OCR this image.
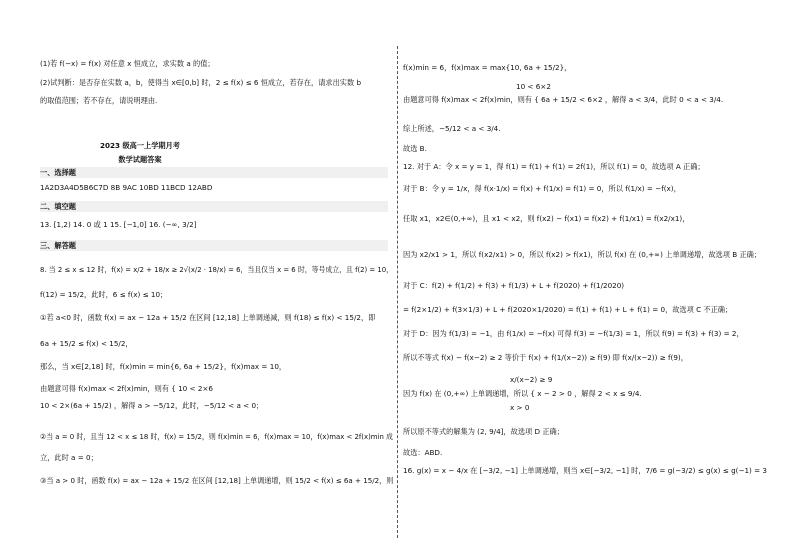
(1)若 f(−x) = f(x) 对任意 x 恒成立，求实数 a 的值；
(2)试判断：是否存在实数 a，b，使得当 x∈[0,b] 时，2 ≤ f(x) ≤ 6 恒成立，若存在，请求出实数 b
的取值范围；若不存在，请说明理由.
2023 级高一上学期月考
数学试题答案
一、选择题
1A2D3A4D5B6C7D 8B 9AC 10BD 11BCD 12ABD
二、填空题
13. [1,2) 14. 0 或 1 15. [−1,0] 16. (−∞, 3/2]
三、解答题
8. 当 2 ≤ x ≤ 12 时，f(x) = x/2 + 18/x ≥ 2√(x/2 · 18/x) = 6，当且仅当 x = 6 时，等号成立，且 f(2) = 10，
f(12) = 15/2，此时，6 ≤ f(x) ≤ 10；
①若 a<0 时，函数 f(x) = ax − 12a + 15/2 在区间 [12,18] 上单调递减，则 f(18) ≤ f(x) < 15/2，即
6a + 15/2 ≤ f(x) < 15/2，
那么，当 x∈[2,18] 时，f(x)min = min{6, 6a + 15/2}，f(x)max = 10，
由题意可得 f(x)max < 2f(x)min，则有 { 10 < 2×6
10 < 2×(6a + 15/2) ，解得 a > −5/12，此时，−5/12 < a < 0；
②当 a = 0 时，且当 12 < x ≤ 18 时，f(x) = 15/2，则 f(x)min = 6，f(x)max = 10，f(x)max < 2f(x)min 成
立，此时 a = 0；
③当 a > 0 时，函数 f(x) = ax − 12a + 15/2 在区间 [12,18] 上单调递增，则 15/2 < f(x) ≤ 6a + 15/2，则
f(x)min = 6，f(x)max = max{10, 6a + 15/2}，
10 < 6×2
由题意可得 f(x)max < 2f(x)min，则有 { 6a + 15/2 < 6×2 ，解得 a < 3/4，此时 0 < a < 3/4.
综上所述，−5/12 < a < 3/4.
故选 B.
12. 对于 A：令 x = y = 1，得 f(1) = f(1) + f(1) = 2f(1)，所以 f(1) = 0，故选项 A 正确；
对于 B：令 y = 1/x，得 f(x·1/x) = f(x) + f(1/x) = f(1) = 0，所以 f(1/x) = −f(x)，
任取 x1，x2∈(0,+∞)，且 x1 < x2，则 f(x2) − f(x1) = f(x2) + f(1/x1) = f(x2/x1)，
因为 x2/x1 > 1，所以 f(x2/x1) > 0，所以 f(x2) > f(x1)，所以 f(x) 在 (0,+∞) 上单调递增，故选项 B 正确；
对于 C：f(2) + f(1/2) + f(3) + f(1/3) + L + f(2020) + f(1/2020)
= f(2×1/2) + f(3×1/3) + L + f(2020×1/2020) = f(1) + f(1) + L + f(1) = 0，故选项 C 不正确；
对于 D：因为 f(1/3) = −1，由 f(1/x) = −f(x) 可得 f(3) = −f(1/3) = 1，所以 f(9) = f(3) + f(3) = 2，
所以不等式 f(x) − f(x−2) ≥ 2 等价于 f(x) + f(1/(x−2)) ≥ f(9) 即 f(x/(x−2)) ≥ f(9)，
x/(x−2) ≥ 9
因为 f(x) 在 (0,+∞) 上单调递增，所以 { x − 2 > 0 ，解得 2 < x ≤ 9/4.
x > 0
所以原不等式的解集为 (2, 9/4]，故选项 D 正确；
故选：ABD.
16. g(x) = x − 4/x 在 [−3/2, −1] 上单调递增，则当 x∈[−3/2, −1] 时，7/6 = g(−3/2) ≤ g(x) ≤ g(−1) = 3
